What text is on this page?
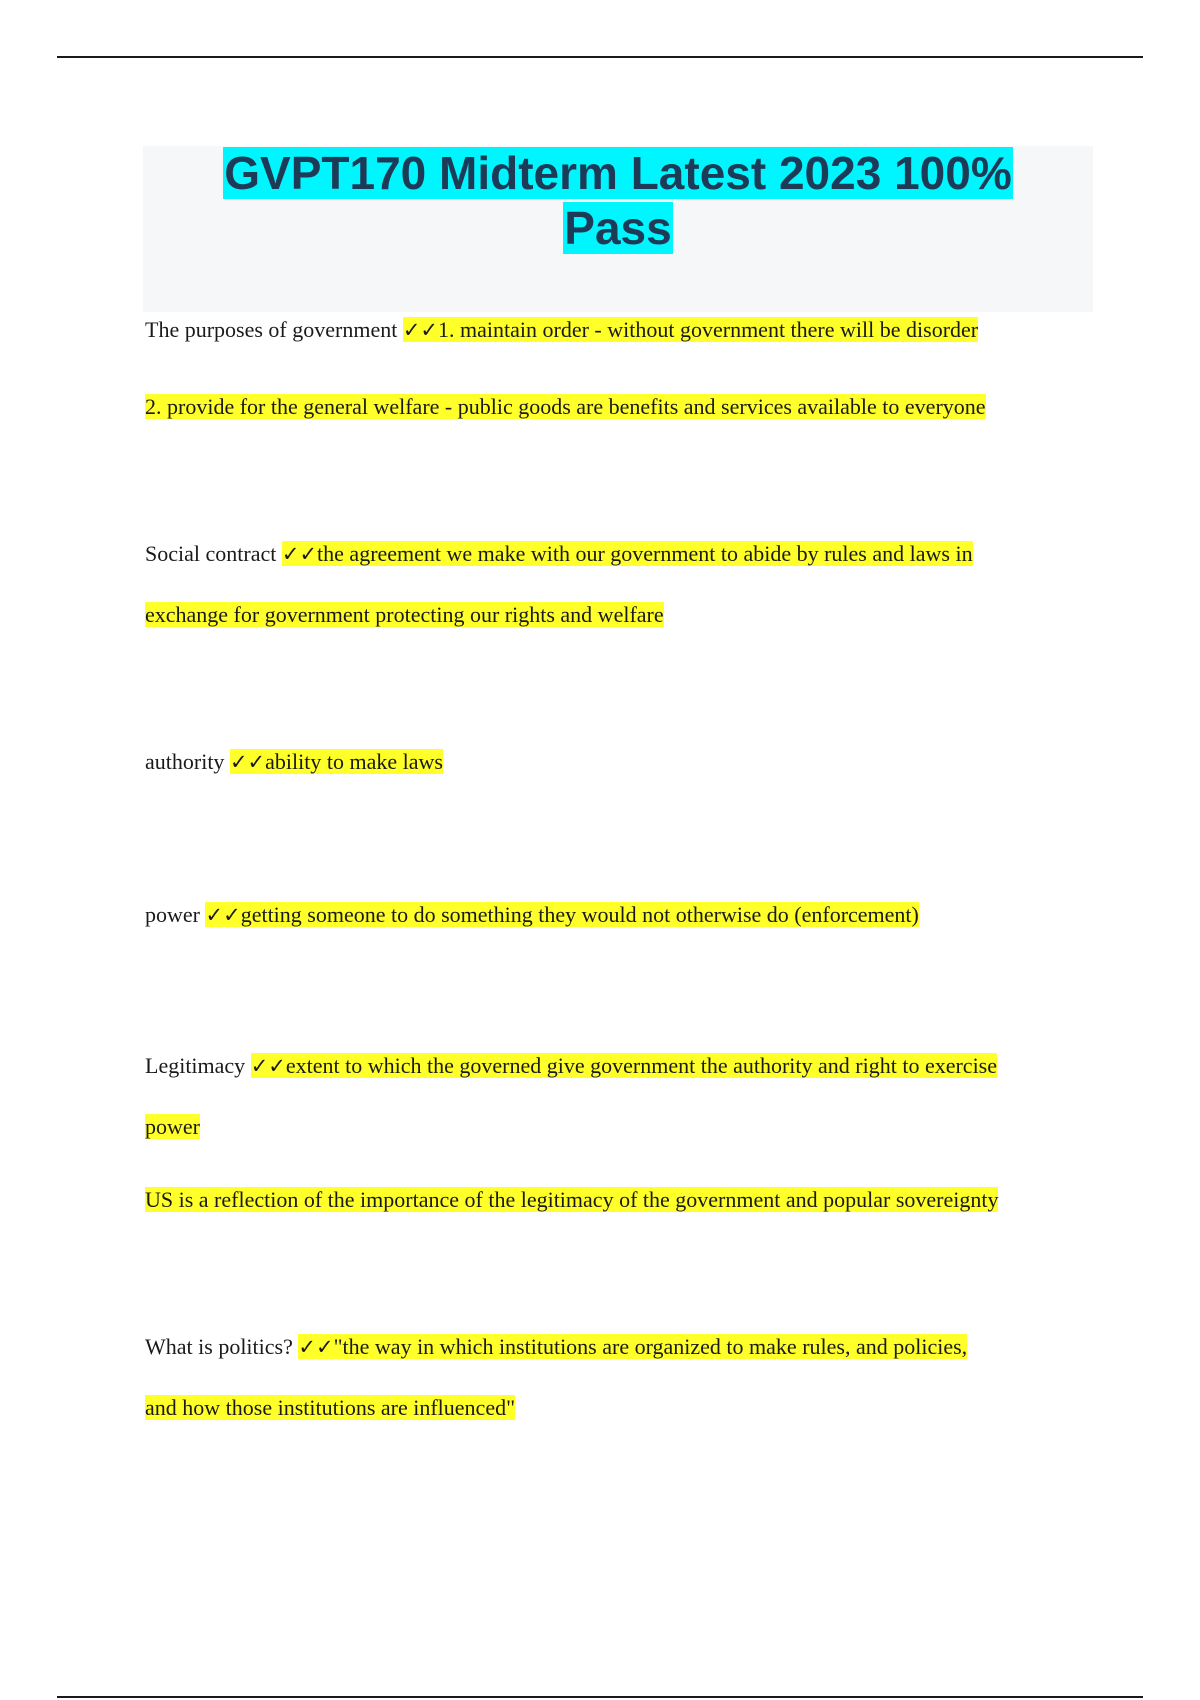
GVPT170 Midterm Latest 2023 100%
Pass
The purposes of government ✓✓1. maintain order - without government there will be disorder
2. provide for the general welfare - public goods are benefits and services available to everyone
Social contract ✓✓the agreement we make with our government to abide by rules and laws in
exchange for government protecting our rights and welfare
authority ✓✓ability to make laws
power ✓✓getting someone to do something they would not otherwise do (enforcement)
Legitimacy ✓✓extent to which the governed give government the authority and right to exercise
power
US is a reflection of the importance of the legitimacy of the government and popular sovereignty
What is politics? ✓✓"the way in which institutions are organized to make rules, and policies,
and how those institutions are influenced"
